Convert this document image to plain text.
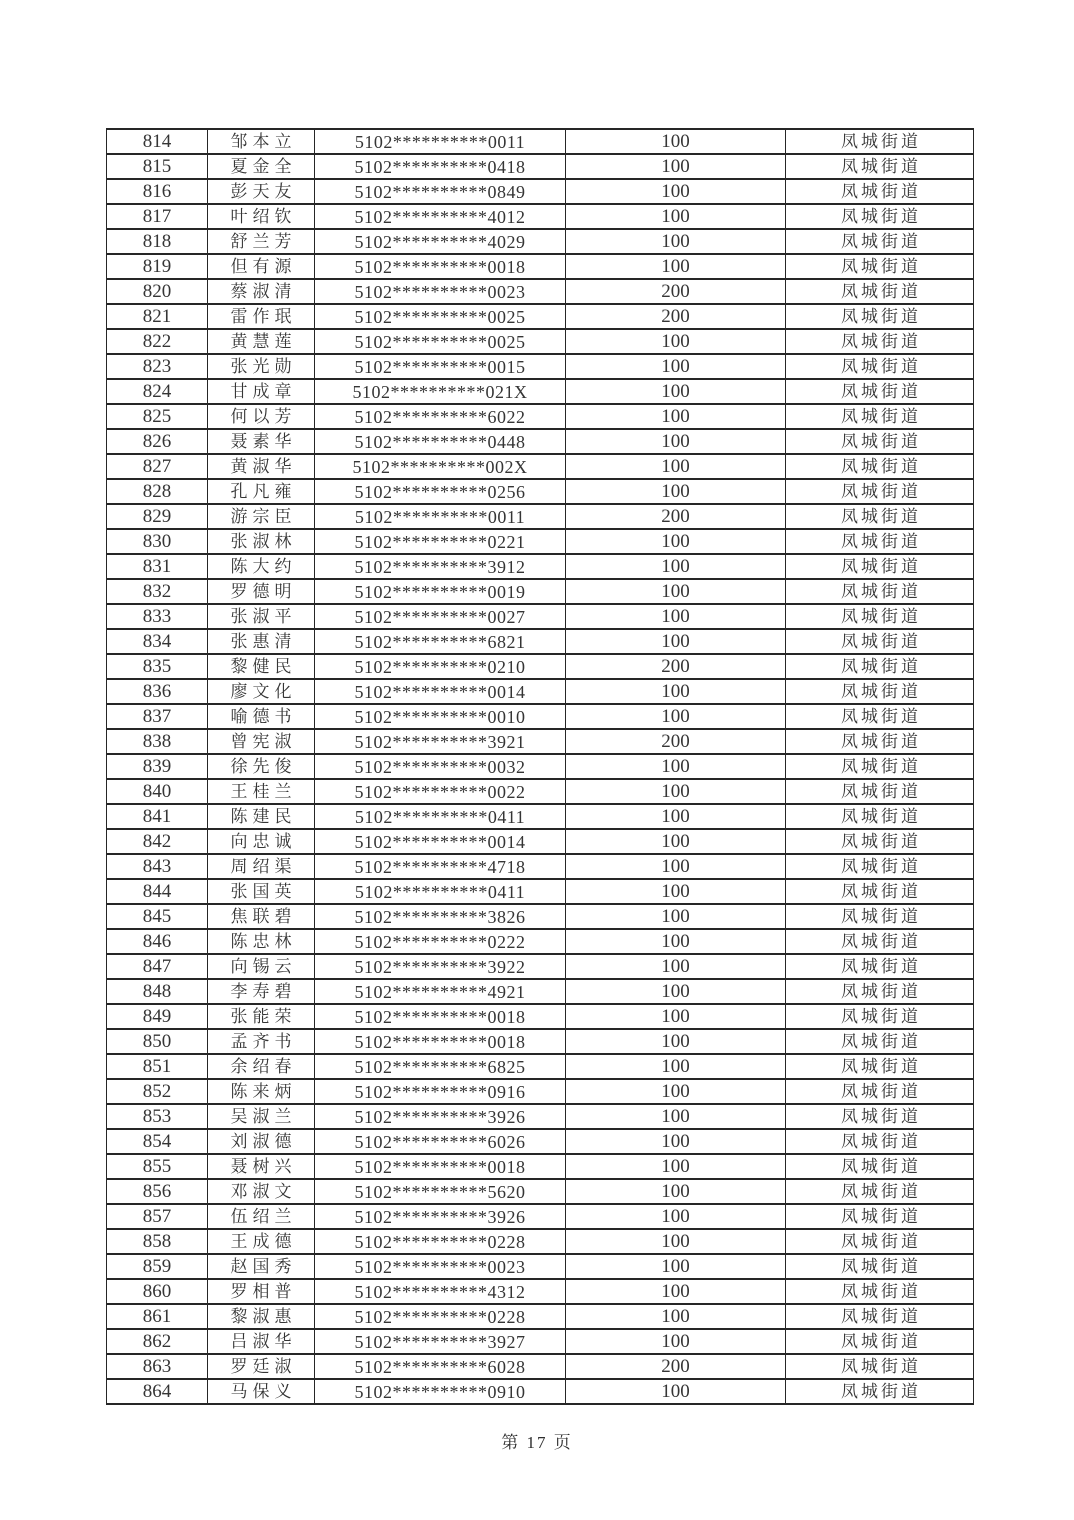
814	邹本立	5102**********0011	100	凤城街道
815	夏金全	5102**********0418	100	凤城街道
816	彭天友	5102**********0849	100	凤城街道
817	叶绍钦	5102**********4012	100	凤城街道
818	舒兰芳	5102**********4029	100	凤城街道
819	但有源	5102**********0018	100	凤城街道
820	蔡淑清	5102**********0023	200	凤城街道
821	雷作珉	5102**********0025	200	凤城街道
822	黄慧莲	5102**********0025	100	凤城街道
823	张光勋	5102**********0015	100	凤城街道
824	甘成章	5102**********021X	100	凤城街道
825	何以芳	5102**********6022	100	凤城街道
826	聂素华	5102**********0448	100	凤城街道
827	黄淑华	5102**********002X	100	凤城街道
828	孔凡雍	5102**********0256	100	凤城街道
829	游宗臣	5102**********0011	200	凤城街道
830	张淑林	5102**********0221	100	凤城街道
831	陈大约	5102**********3912	100	凤城街道
832	罗德明	5102**********0019	100	凤城街道
833	张淑平	5102**********0027	100	凤城街道
834	张惠清	5102**********6821	100	凤城街道
835	黎健民	5102**********0210	200	凤城街道
836	廖文化	5102**********0014	100	凤城街道
837	喻德书	5102**********0010	100	凤城街道
838	曾宪淑	5102**********3921	200	凤城街道
839	徐先俊	5102**********0032	100	凤城街道
840	王桂兰	5102**********0022	100	凤城街道
841	陈建民	5102**********0411	100	凤城街道
842	向忠诚	5102**********0014	100	凤城街道
843	周绍渠	5102**********4718	100	凤城街道
844	张国英	5102**********0411	100	凤城街道
845	焦联碧	5102**********3826	100	凤城街道
846	陈忠林	5102**********0222	100	凤城街道
847	向锡云	5102**********3922	100	凤城街道
848	李寿碧	5102**********4921	100	凤城街道
849	张能荣	5102**********0018	100	凤城街道
850	孟齐书	5102**********0018	100	凤城街道
851	余绍春	5102**********6825	100	凤城街道
852	陈来炳	5102**********0916	100	凤城街道
853	吴淑兰	5102**********3926	100	凤城街道
854	刘淑德	5102**********6026	100	凤城街道
855	聂树兴	5102**********0018	100	凤城街道
856	邓淑文	5102**********5620	100	凤城街道
857	伍绍兰	5102**********3926	100	凤城街道
858	王成德	5102**********0228	100	凤城街道
859	赵国秀	5102**********0023	100	凤城街道
860	罗相普	5102**********4312	100	凤城街道
861	黎淑惠	5102**********0228	100	凤城街道
862	吕淑华	5102**********3927	100	凤城街道
863	罗廷淑	5102**********6028	200	凤城街道
864	马保义	5102**********0910	100	凤城街道
第 17 页
